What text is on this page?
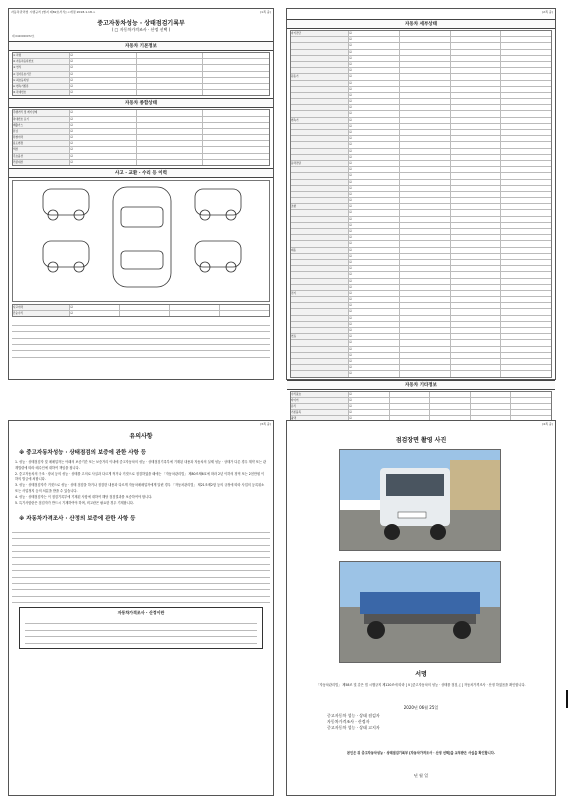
자동차관리법 시행규칙 [별지 제82호서식] <개정 2018.1.18.>	(1쪽 중)
중고자동차성능 · 상태점검기록부
( □ 자동차가격조사 · 산정 선택 )
제 0420000972호
자동차 기본정보
① 차명
☑
② 자동차등록번호
☑
③ 연식
☑
④ 검사유효기간
☑
⑤ 최초등록일
☑
⑥ 변속기종류
☑
⑦ 차대번호
☑
자동차 종합상태
주행거리 및 계기상태
☑
차대번호 표기
☑
배출가스
☑
튜닝
☑
특별이력
☑
용도변경
☑
색상
☑
주요옵션
☑
리콜대상
☑
사고 · 교환 · 수리 등 이력
사고이력
☑
단순수리
☑
(2쪽 중)
자동차 세부상태
자기진단
☑
☑
☑
☑
☑
☑
☑
원동기
☑
☑
☑
☑
☑
☑
☑
변속기
☑
☑
☑
☑
☑
☑
☑
동력전달
☑
☑
☑
☑
☑
☑
☑
조향
☑
☑
☑
☑
☑
☑
☑
제동
☑
☑
☑
☑
☑
☑
☑
전기
☑
☑
☑
☑
☑
☑
☑
연료
☑
☑
☑
☑
☑
☑
☑
자동차 기타정보
수리필요
☑
타이어
☑
유리
☑
기본품목
☑
광택
☑
(3쪽 중)
유의사항
※ 중고자동차성능 · 상태점검의 보증에 관한 사항 등
1. 성능 · 상태점검자 및 매매업자는 아래의 보증기간 또는 보증거리 이내에 중고자동차의 성능 · 상태점검기록부에 기재된 내용과 자동차의 실제 성능 · 상태가 다른 경우 계약 또는 관계법령에 따라 매수인에 대하여 책임을 집니다.
2. 중고자동차의 구조 · 장치 등의 성능 · 상태를 고의로 사실과 다르게 적거나 거짓으로 점검하였을 때에는 「자동차관리법」 제80조제6호에 따라 2년 이하의 징역 또는 2천만원 이하의 벌금에 처합니다.
3. 성능 · 상태점검자가 거짓으로 성능 · 상태 점검을 하거나 점검한 내용과 다르게 자동차매매업자에게 알린 경우 「자동차관리법」 제21조제2항 등의 규정에 따라 사업의 등록취소 또는 사업정지 등의 처분을 받을 수 있습니다.
4. 성능 · 상태점검자는 이 점검기록부에 기재된 사항에 대하여 해당 점검결과를 보증하여야 합니다.
5. 특기사항란은 점검자가 반드시 기재하여야 하며, 비고란은 필요한 경우 기재합니다.
※ 자동차가격조사 · 산정의 보증에 관한 사항 등
자동차가격조사 · 산정이란
(4쪽 중)
점검장면 촬영 사진
서명
「자동차관리법」 제58조 및 같은 법 시행규칙 제120조에 따라 [ V ]중고자동차의 성능 · 상태를 점검, [ ] 자동차가격조사 · 산정 하였음을 확인합니다.
2020년 06월 25일
중고자동차 성능 · 상태 점검자
자동차가격조사 · 산정자
중고자동차 성능 · 상태 고지자
본인은 위 중고자동차성능 · 상태점검기록부 [자동차가격조사 · 산정 선택]을 교부받은 사실을 확인합니다.
년 월 일
